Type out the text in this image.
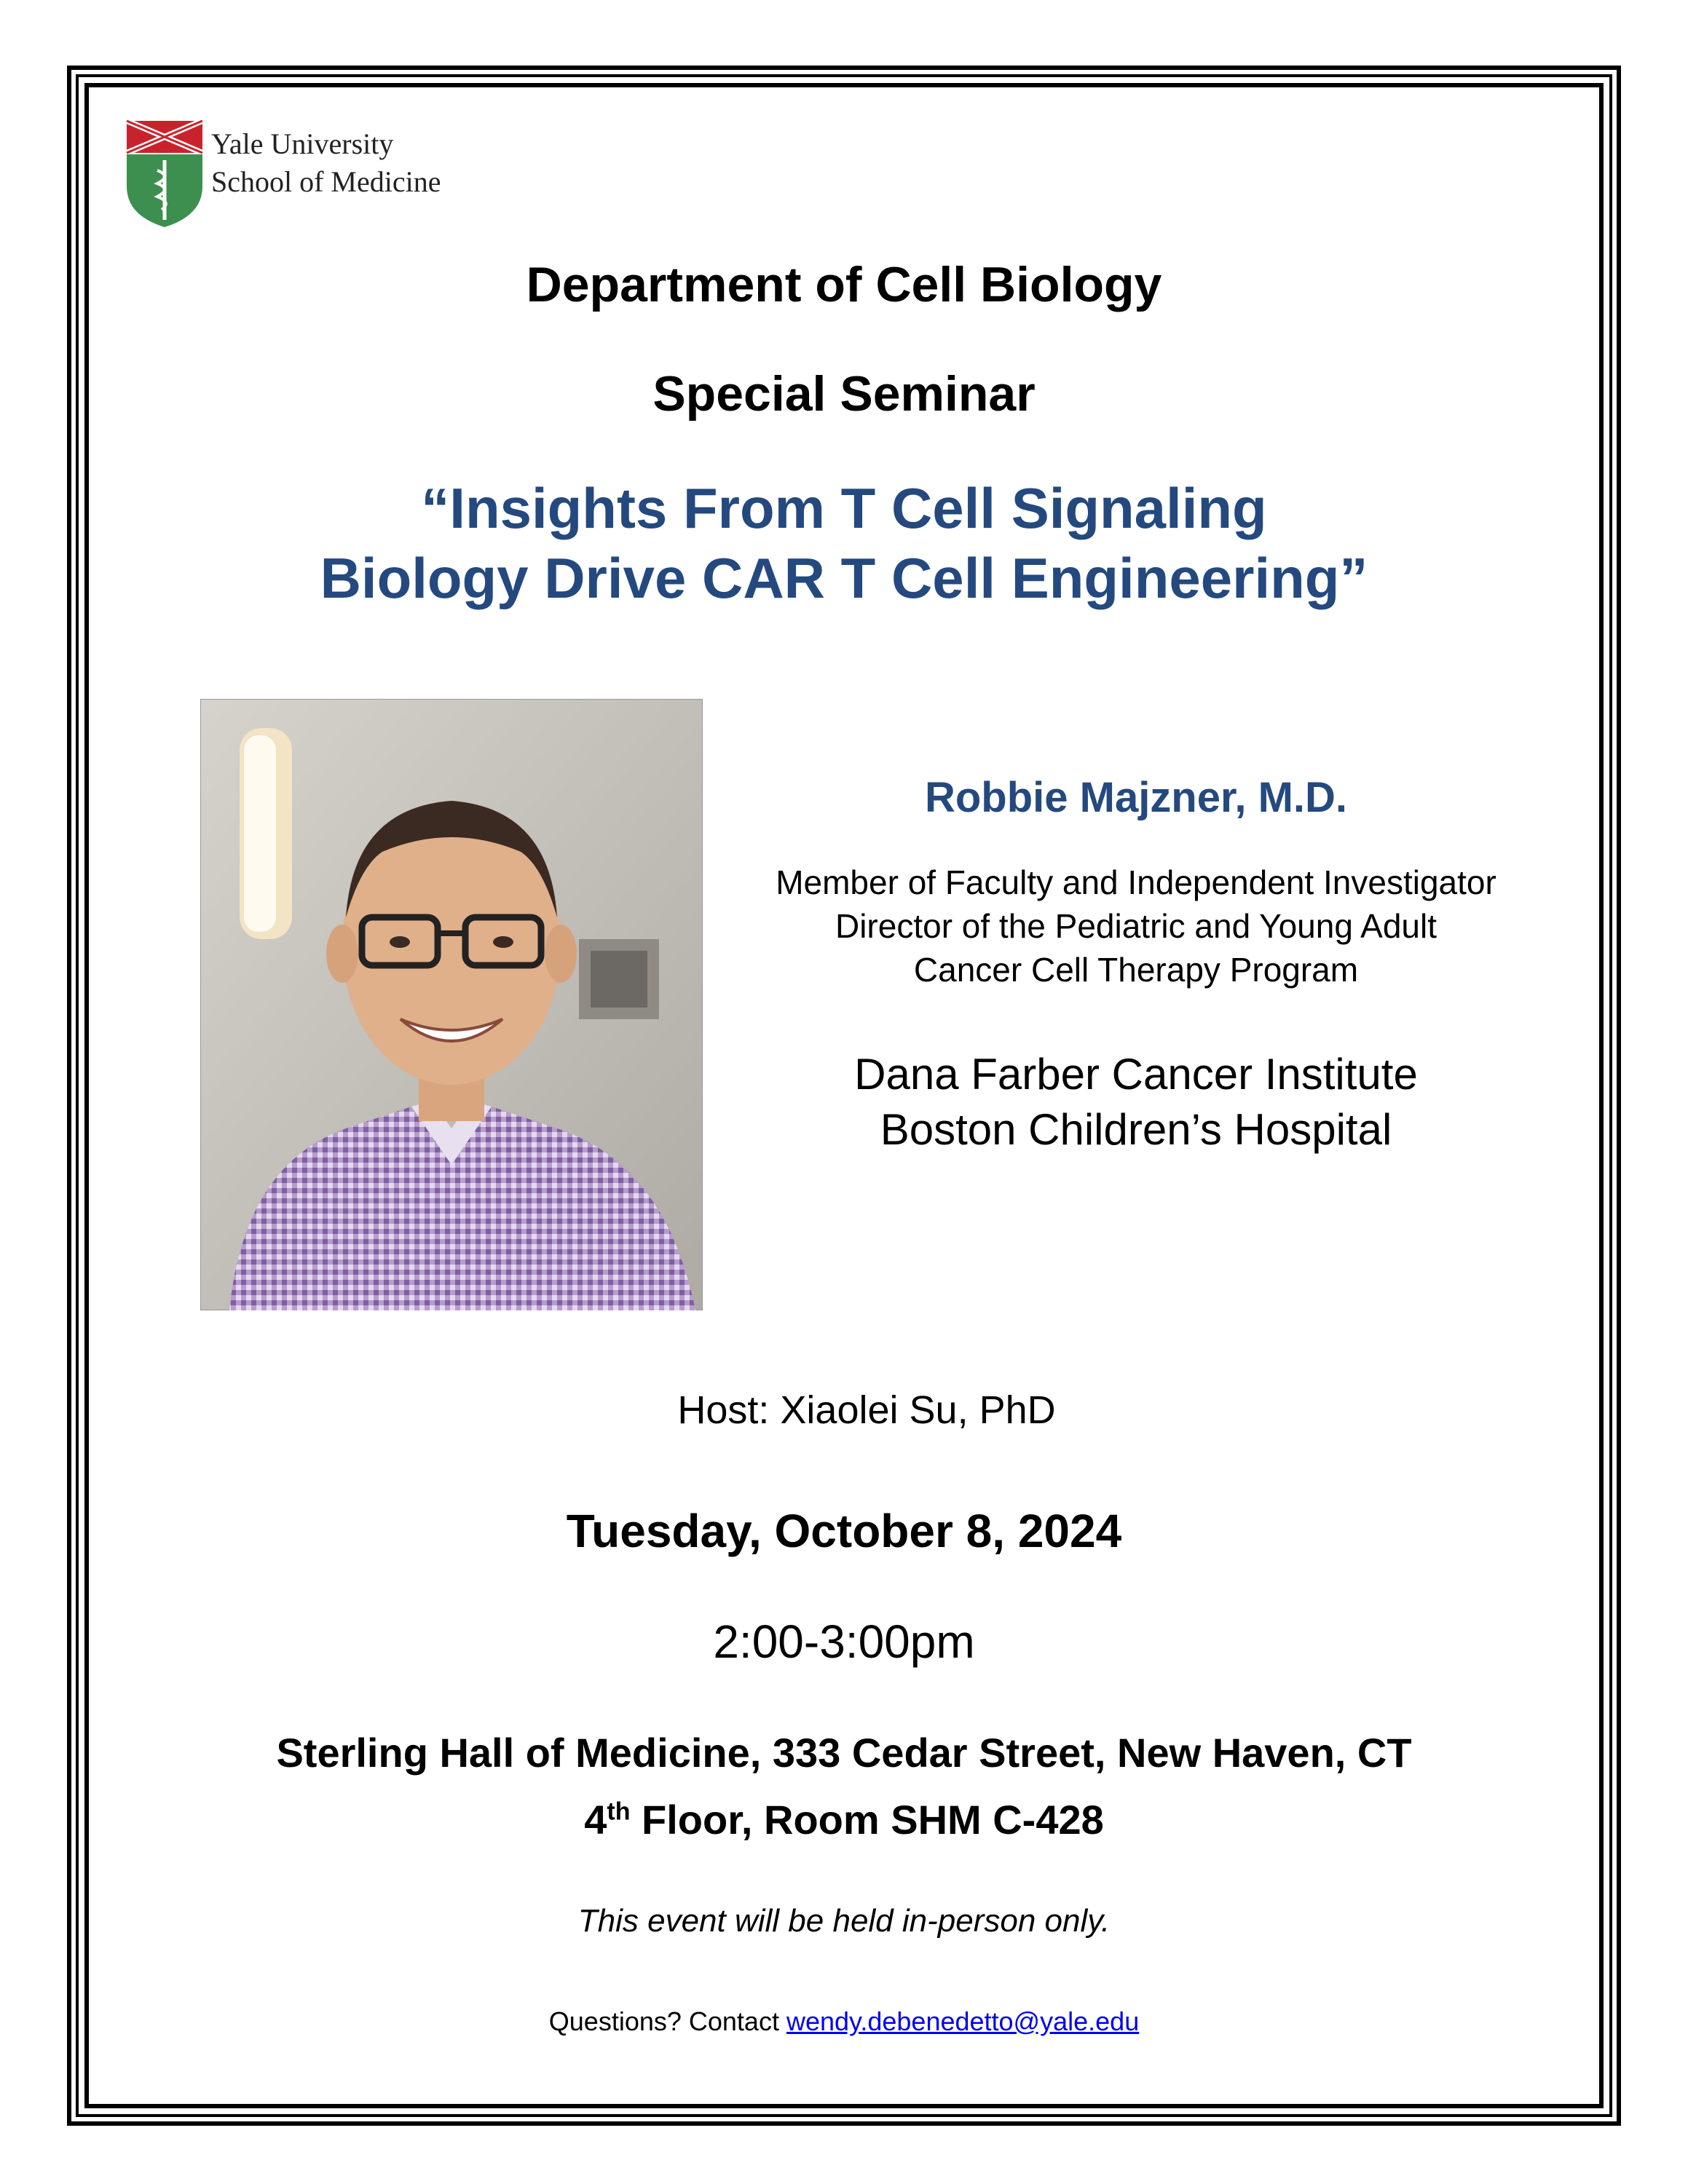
Yale University
School of Medicine
Department of Cell Biology
Special Seminar
“Insights From T Cell Signaling
Biology Drive CAR T Cell Engineering”
Robbie Majzner, M.D.
Member of Faculty and Independent Investigator
Director of the Pediatric and Young Adult
Cancer Cell Therapy Program
Dana Farber Cancer Institute
Boston Children’s Hospital
Host: Xiaolei Su, PhD
Tuesday, October 8, 2024
2:00-3:00pm
Sterling Hall of Medicine, 333 Cedar Street, New Haven, CT
4th Floor, Room SHM C-428
This event will be held in-person only.
Questions? Contact wendy.debenedetto@yale.edu
